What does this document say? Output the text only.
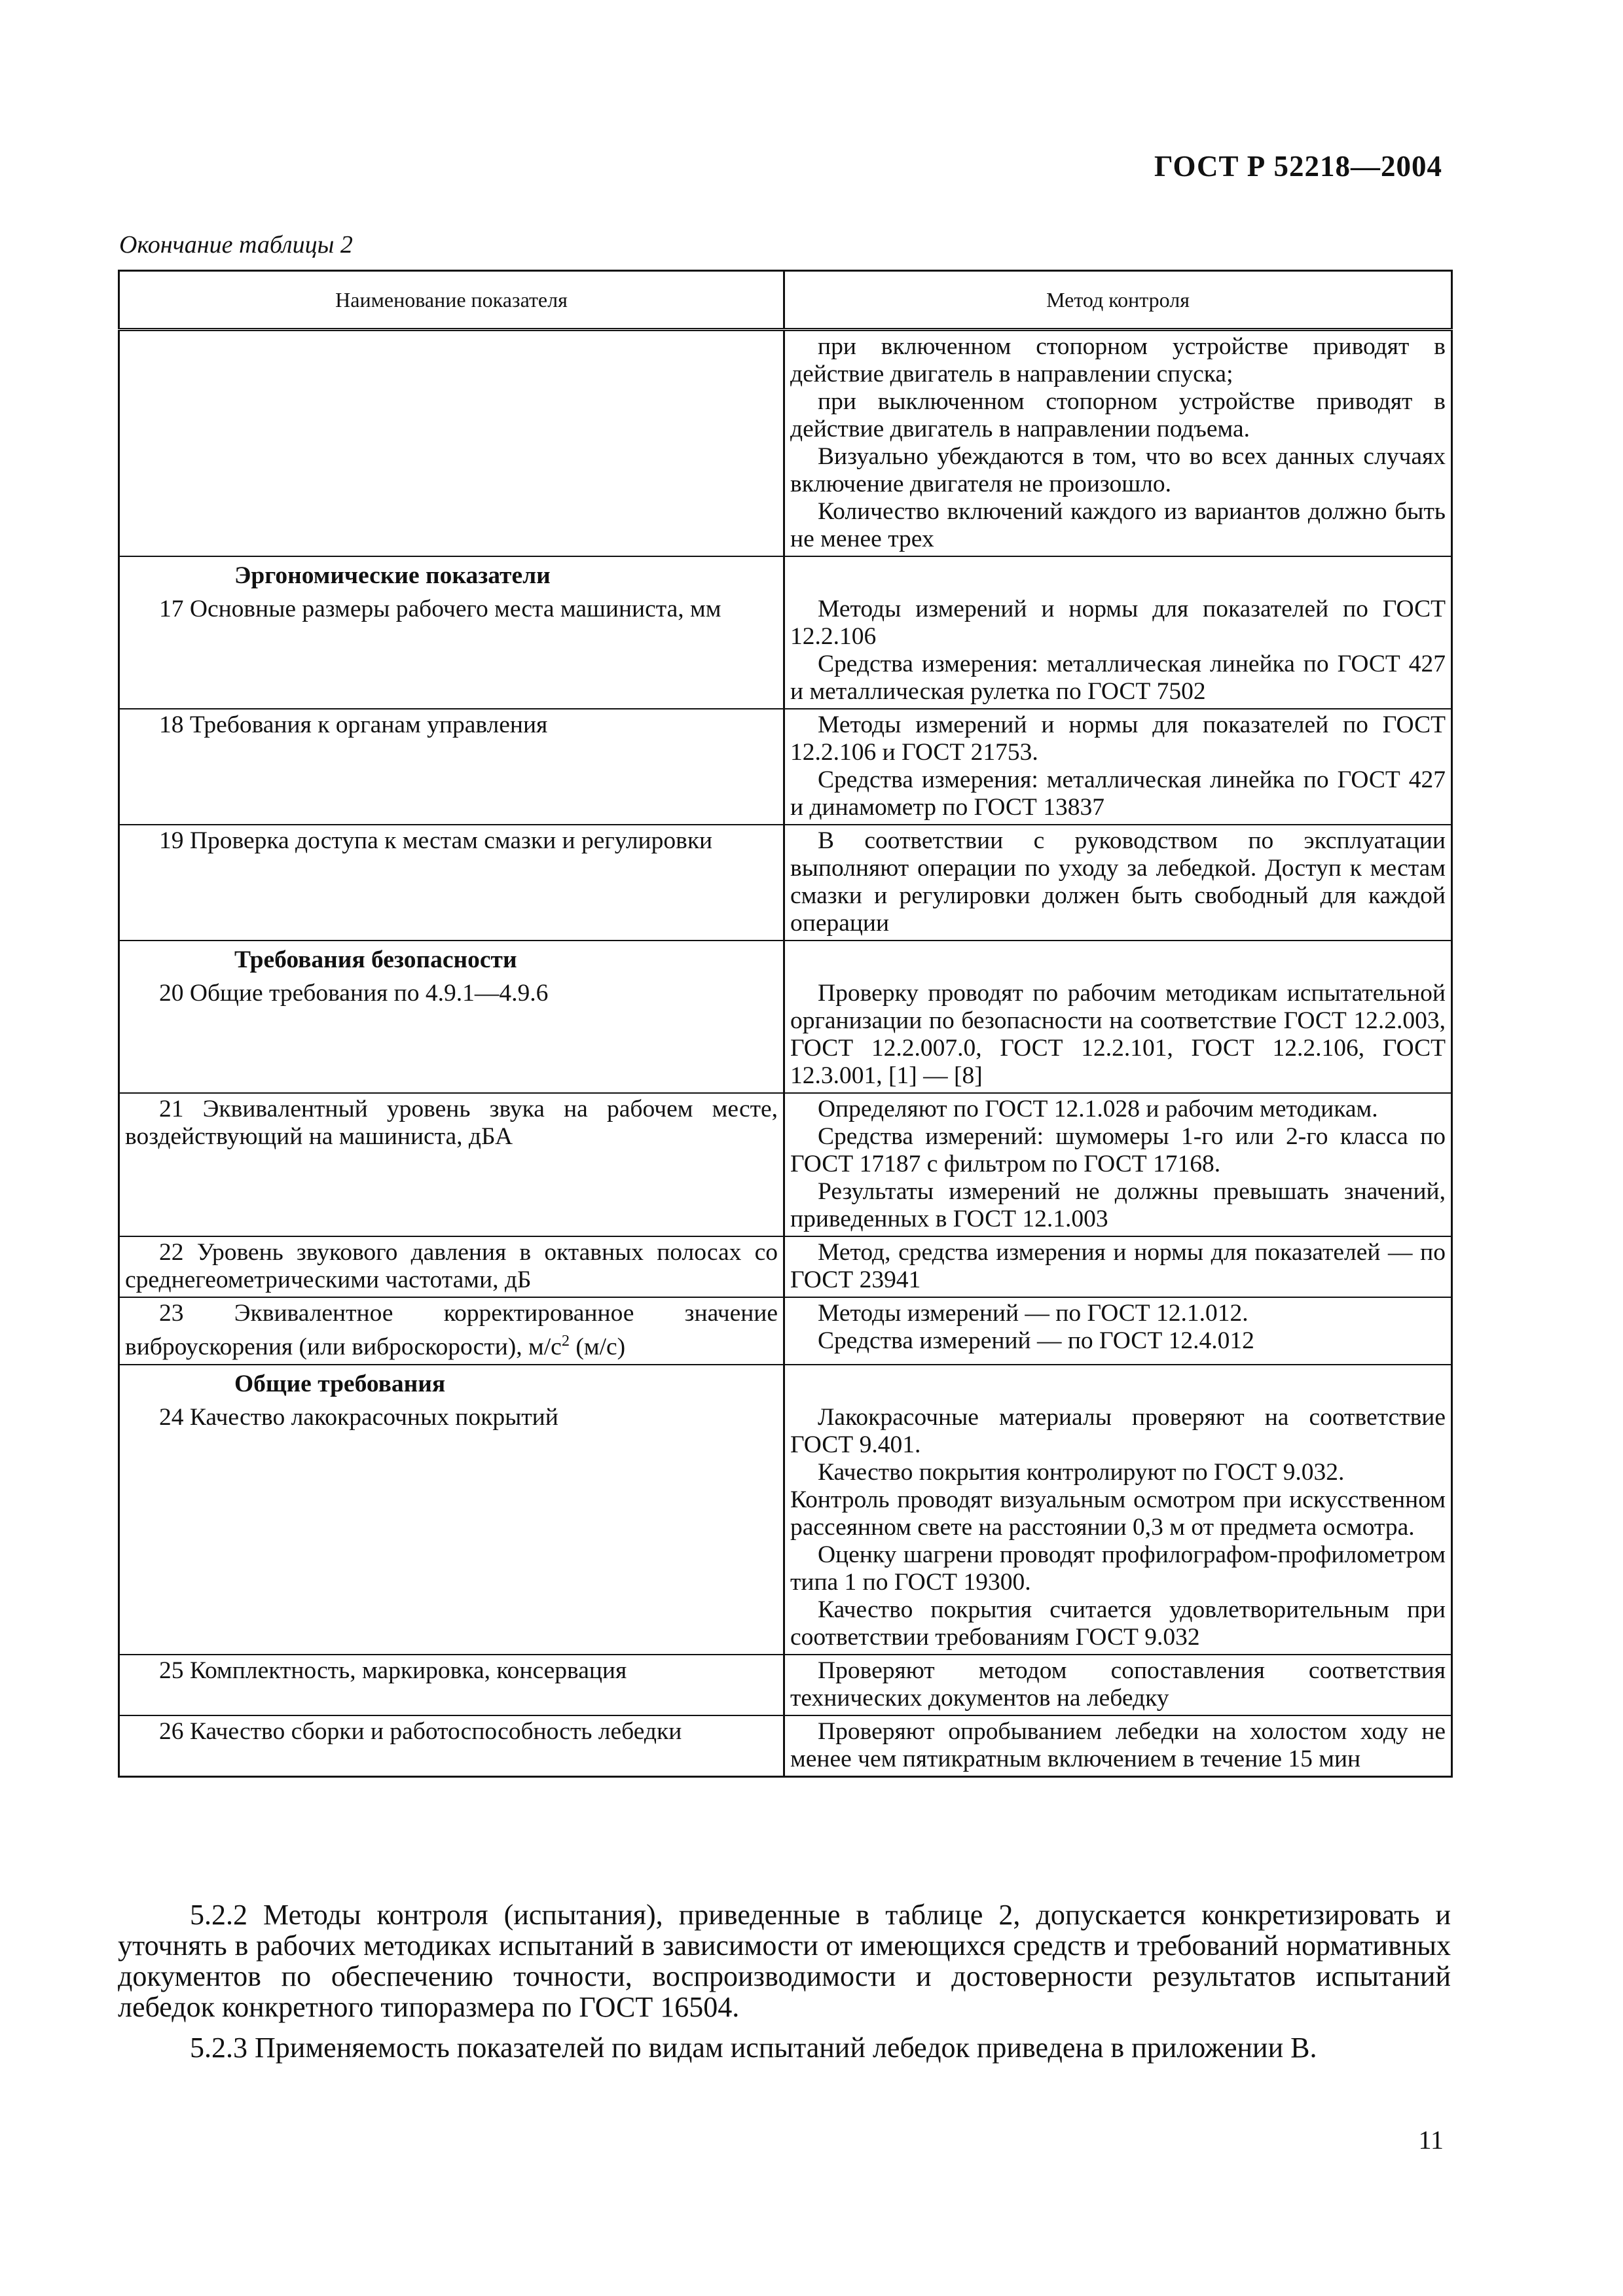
ГОСТ Р 52218—2004
Окончание таблицы 2
Наименование показателя	Метод контроля

	при включенном стопорном устройстве приводят в действие двигатель в направлении спуска;

при выключенном стопорном устройстве приводят в действие двигатель в направлении подъема.

Визуально убеждаются в том, что во всех данных случаях включение двигателя не произошло.

Количество включений каждого из вариантов должно быть не менее трех

Эргономические показатели	
17 Основные размеры рабочего места машиниста, мм	Методы измерений и нормы для показателей по ГОСТ 12.2.106

Средства измерения: металлическая линейка по ГОСТ 427 и металлическая рулетка по ГОСТ 7502

18 Требования к органам управления	Методы измерений и нормы для показателей по ГОСТ 12.2.106 и ГОСТ 21753.

Средства измерения: металлическая линейка по ГОСТ 427 и динамометр по ГОСТ 13837

19 Проверка доступа к местам смазки и регулировки	В соответствии с руководством по эксплуатации выполняют операции по уходу за лебедкой. Доступ к местам смазки и регулировки должен быть свободный для каждой операции

Требования безопасности	
20 Общие требования по 4.9.1—4.9.6	Проверку проводят по рабочим методикам испытательной организации по безопасности на соответствие ГОСТ 12.2.003, ГОСТ 12.2.007.0, ГОСТ 12.2.101, ГОСТ 12.2.106, ГОСТ 12.3.001, [1] — [8]

21 Эквивалентный уровень звука на рабочем месте, воздействующий на машиниста, дБА	Определяют по ГОСТ 12.1.028 и рабочим методикам.

Средства измерений: шумомеры 1-го или 2-го класса по ГОСТ 17187 с фильтром по ГОСТ 17168.

Результаты измерений не должны превышать значений, приведенных в ГОСТ 12.1.003

22 Уровень звукового давления в октавных полосах со среднегеометрическими частотами, дБ	Метод, средства измерения и нормы для показателей — по ГОСТ 23941

23 Эквивалентное корректированное значение виброускорения (или виброскорости), $м/с^2$ (м/с)	Методы измерений — по ГОСТ 12.1.012.

Средства измерений — по ГОСТ 12.4.012

Общие требования	
24 Качество лакокрасочных покрытий	Лакокрасочные материалы проверяют на соответствие ГОСТ 9.401.

Качество покрытия контролируют по ГОСТ 9.032.

Контроль проводят визуальным осмотром при искусственном рассеянном свете на расстоянии 0,3 м от предмета осмотра.

Оценку шагрени проводят профилографом-профилометром типа 1 по ГОСТ 19300.

Качество покрытия считается удовлетворительным при соответствии требованиям ГОСТ 9.032

25 Комплектность, маркировка, консервация	Проверяют методом сопоставления соответствия технических документов на лебедку

26 Качество сборки и работоспособность лебедки	Проверяют опробыванием лебедки на холостом ходу не менее чем пятикратным включением в течение 15 мин

5.2.2 Методы контроля (испытания), приведенные в таблице 2, допускается конкретизировать и уточнять в рабочих методиках испытаний в зависимости от имеющихся средств и требований нормативных документов по обеспечению точности, воспроизводимости и достоверности результатов испытаний лебедок конкретного типоразмера по ГОСТ 16504.

5.2.3 Применяемость показателей по видам испытаний лебедок приведена в приложении В.

11
